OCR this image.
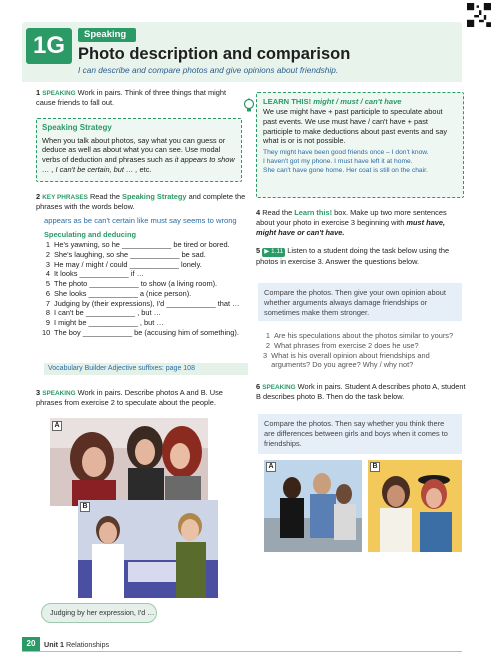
1G	Speaking
Photo description and comparison
I can describe and compare photos and give opinions about friendship.
1 SPEAKING Work in pairs. Think of three things that might cause friends to fall out.
Speaking Strategy
When you talk about photos, say what you can guess or deduce as well as about what you can see. Use modal verbs of deduction and phrases such as it appears to show … , I can't be certain, but … , etc.
2 KEY PHRASES Read the Speaking Strategy and complete the phrases with the words below.
appears as be can't certain like must say seems to wrong
Speculating and deducing
1 He's yawning, so he ____________ be tired or bored.
2 She's laughing, so she ____________ be sad.
3 He may / might / could ____________ lonely.
4 It looks ____________ if …
5 The photo ____________ to show (a living room).
6 She looks ____________ a (nice person).
7 Judging by (their expressions), I'd ____________ that …
8 I can't be ____________ , but …
9 I might be ____________ , but …
10 The boy ____________ be (accusing him of something).
Vocabulary Builder Adjective suffixes: page 108
3 SPEAKING Work in pairs. Describe photos A and B. Use phrases from exercise 2 to speculate about the people.
A
B
Judging by her expression, I'd …
LEARN THIS! might / must / can't have
We use might have + past participle to speculate about past events. We use must have / can't have + past participle to make deductions about past events and say what is or is not possible.
They might have been good friends once – I don't know.
I haven't got my phone. I must have left it at home.
She can't have gone home. Her coat is still on the chair.
4 Read the Learn this! box. Make up two more sentences about your photo in exercise 3 beginning with must have, might have or can't have.
5 ▶ 1.11 Listen to a student doing the task below using the photos in exercise 3. Answer the questions below.
Compare the photos. Then give your own opinion about whether arguments always damage friendships or sometimes make them stronger.
1 Are his speculations about the photos similar to yours?
2 What phrases from exercise 2 does he use?
3 What is his overall opinion about friendships and arguments? Do you agree? Why / why not?
6 SPEAKING Work in pairs. Student A describes photo A, student B describes photo B. Then do the task below.
Compare the photos. Then say whether you think there are differences between girls and boys when it comes to friendships.
A	B
20	Unit 1 Relationships
